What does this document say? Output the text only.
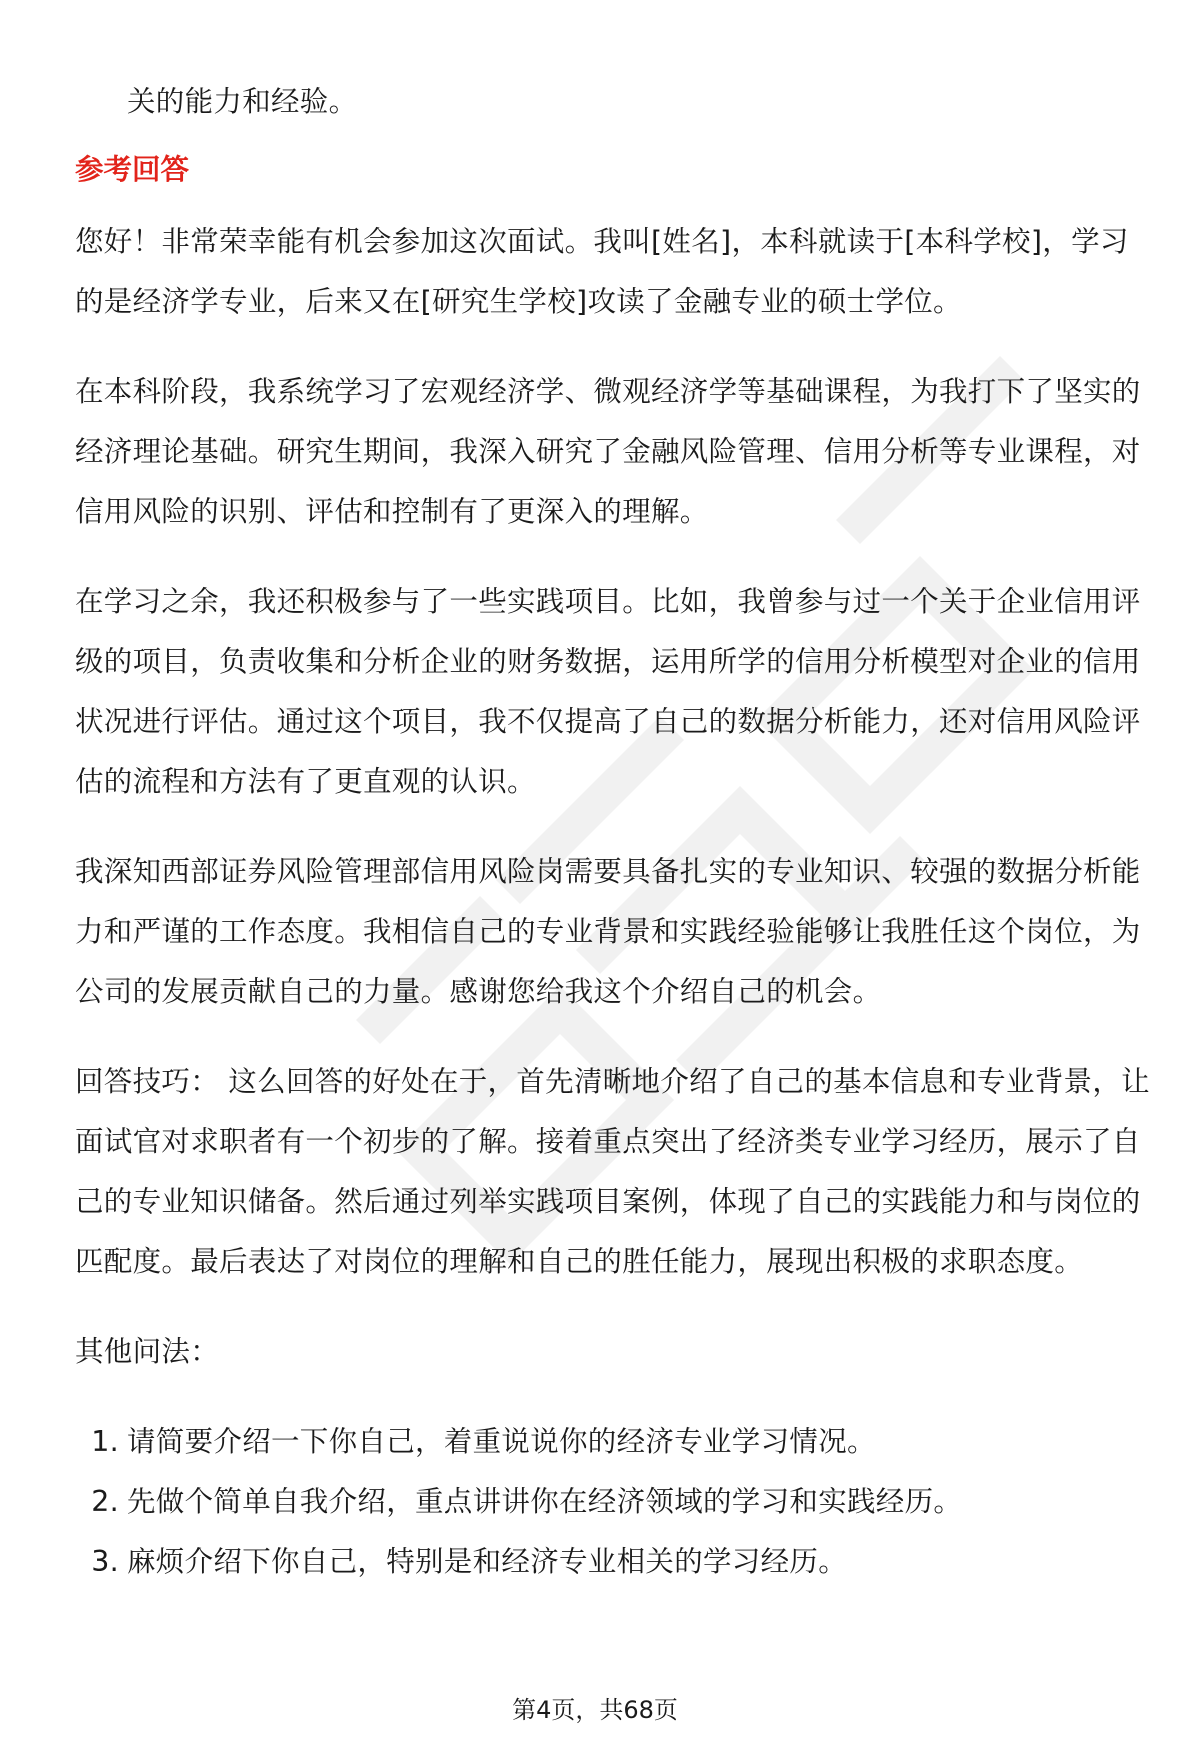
关的能力和经验。

参考回答

您好！非常荣幸能有机会参加这次面试。我叫[姓名]，本科就读于[本科学校]，学习的是经济学专业，后来又在[研究生学校]攻读了金融专业的硕士学位。

在本科阶段，我系统学习了宏观经济学、微观经济学等基础课程，为我打下了坚实的经济理论基础。研究生期间，我深入研究了金融风险管理、信用分析等专业课程，对信用风险的识别、评估和控制有了更深入的理解。

在学习之余，我还积极参与了一些实践项目。比如，我曾参与过一个关于企业信用评级的项目，负责收集和分析企业的财务数据，运用所学的信用分析模型对企业的信用状况进行评估。通过这个项目，我不仅提高了自己的数据分析能力，还对信用风险评估的流程和方法有了更直观的认识。

我深知西部证券风险管理部信用风险岗需要具备扎实的专业知识、较强的数据分析能力和严谨的工作态度。我相信自己的专业背景和实践经验能够让我胜任这个岗位，为公司的发展贡献自己的力量。感谢您给我这个介绍自己的机会。

回答技巧： 这么回答的好处在于，首先清晰地介绍了自己的基本信息和专业背景，让面试官对求职者有一个初步的了解。接着重点突出了经济类专业学习经历，展示了自己的专业知识储备。然后通过列举实践项目案例，体现了自己的实践能力和与岗位的匹配度。最后表达了对岗位的理解和自己的胜任能力，展现出积极的求职态度。

其他问法：

1. 请简要介绍一下你自己，着重说说你的经济专业学习情况。
2. 先做个简单自我介绍，重点讲讲你在经济领域的学习和实践经历。
3. 麻烦介绍下你自己，特别是和经济专业相关的学习经历。
第4页，共68页
